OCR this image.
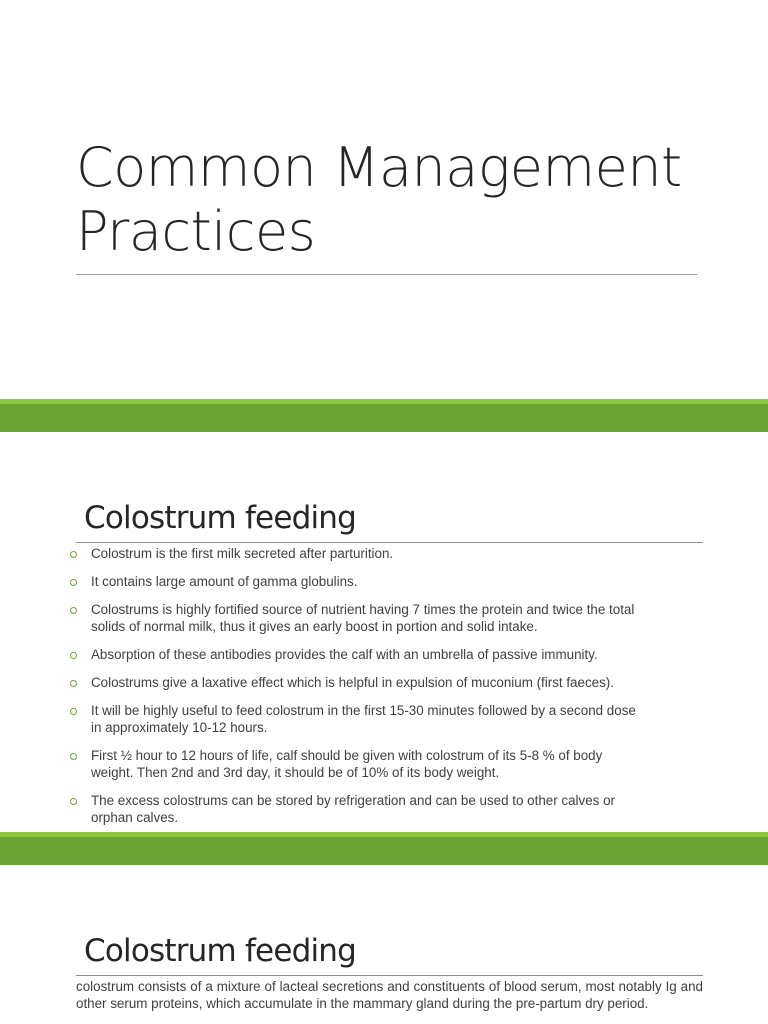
Common Management
Practices
Colostrum feeding
Colostrum is the first milk secreted after parturition.
It contains large amount of gamma globulins.
Colostrums is highly fortified source of nutrient having 7 times the protein and twice the total
solids of normal milk, thus it gives an early boost in portion and solid intake.
Absorption of these antibodies provides the calf with an umbrella of passive immunity.
Colostrums give a laxative effect which is helpful in expulsion of muconium (first faeces).
It will be highly useful to feed colostrum in the first 15-30 minutes followed by a second dose
in approximately 10-12 hours.
First ½ hour to 12 hours of life, calf should be given with colostrum of its 5-8 % of body
weight. Then 2nd and 3rd day, it should be of 10% of its body weight.
The excess colostrums can be stored by refrigeration and can be used to other calves or
orphan calves.
Colostrum feeding

colostrum consists of a mixture of lacteal secretions and constituents of blood serum, most notably Ig and other serum proteins, which accumulate in the mammary gland during the pre-partum dry period.
